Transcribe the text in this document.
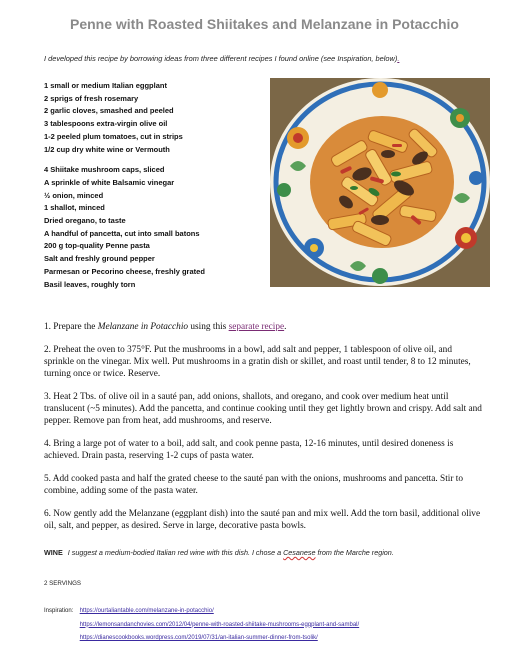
Penne with Roasted Shiitakes and Melanzane in Potacchio

I developed this recipe by borrowing ideas from three different recipes I found online (see Inspiration, below).

1 small or medium Italian eggplant
2 sprigs of fresh rosemary
2 garlic cloves, smashed and peeled
3 tablespoons extra-virgin olive oil
1-2 peeled plum tomatoes, cut in strips
1/2 cup dry white wine or Vermouth
4 Shiitake mushroom caps, sliced
A sprinkle of white Balsamic vinegar
½ onion, minced
1 shallot, minced
Dried oregano, to taste
A handful of pancetta, cut into small batons
200 g top-quality Penne pasta
Salt and freshly ground pepper
Parmesan or Pecorino cheese, freshly grated
Basil leaves, roughly torn

1. Prepare the Melanzane in Potacchio using this separate recipe.

2. Preheat the oven to 375°F. Put the mushrooms in a bowl, add salt and pepper, 1 tablespoon of olive oil, and sprinkle on the vinegar. Mix well. Put mushrooms in a gratin dish or skillet, and roast until tender, 8 to 12 minutes, turning once or twice. Reserve.

3. Heat 2 Tbs. of olive oil in a sauté pan, add onions, shallots, and oregano, and cook over medium heat until translucent (~5 minutes). Add the pancetta, and continue cooking until they get lightly brown and crispy. Add salt and pepper. Remove pan from heat, add mushrooms, and reserve.

4. Bring a large pot of water to a boil, add salt, and cook penne pasta, 12-16 minutes, until desired doneness is achieved. Drain pasta, reserving 1-2 cups of pasta water.

5. Add cooked pasta and half the grated cheese to the sauté pan with the onions, mushrooms and pancetta. Stir to combine, adding some of the pasta water.

6. Now gently add the Melanzane (eggplant dish) into the sauté pan and mix well. Add the torn basil, additional olive oil, salt, and pepper, as desired. Serve in large, decorative pasta bowls.

WINE I suggest a medium-bodied Italian red wine with this dish. I chose a Cesanese from the Marche region.

2 SERVINGS

Inspiration: https://ourtaliantable.com/melanzane-in-potacchio/
https://lemonsandanchovies.com/2012/04/penne-with-roasted-shiitake-mushrooms-eggplant-and-sambal/
https://dianescookbooks.wordpress.com/2019/07/31/an-italian-summer-dinner-from-tsolik/
